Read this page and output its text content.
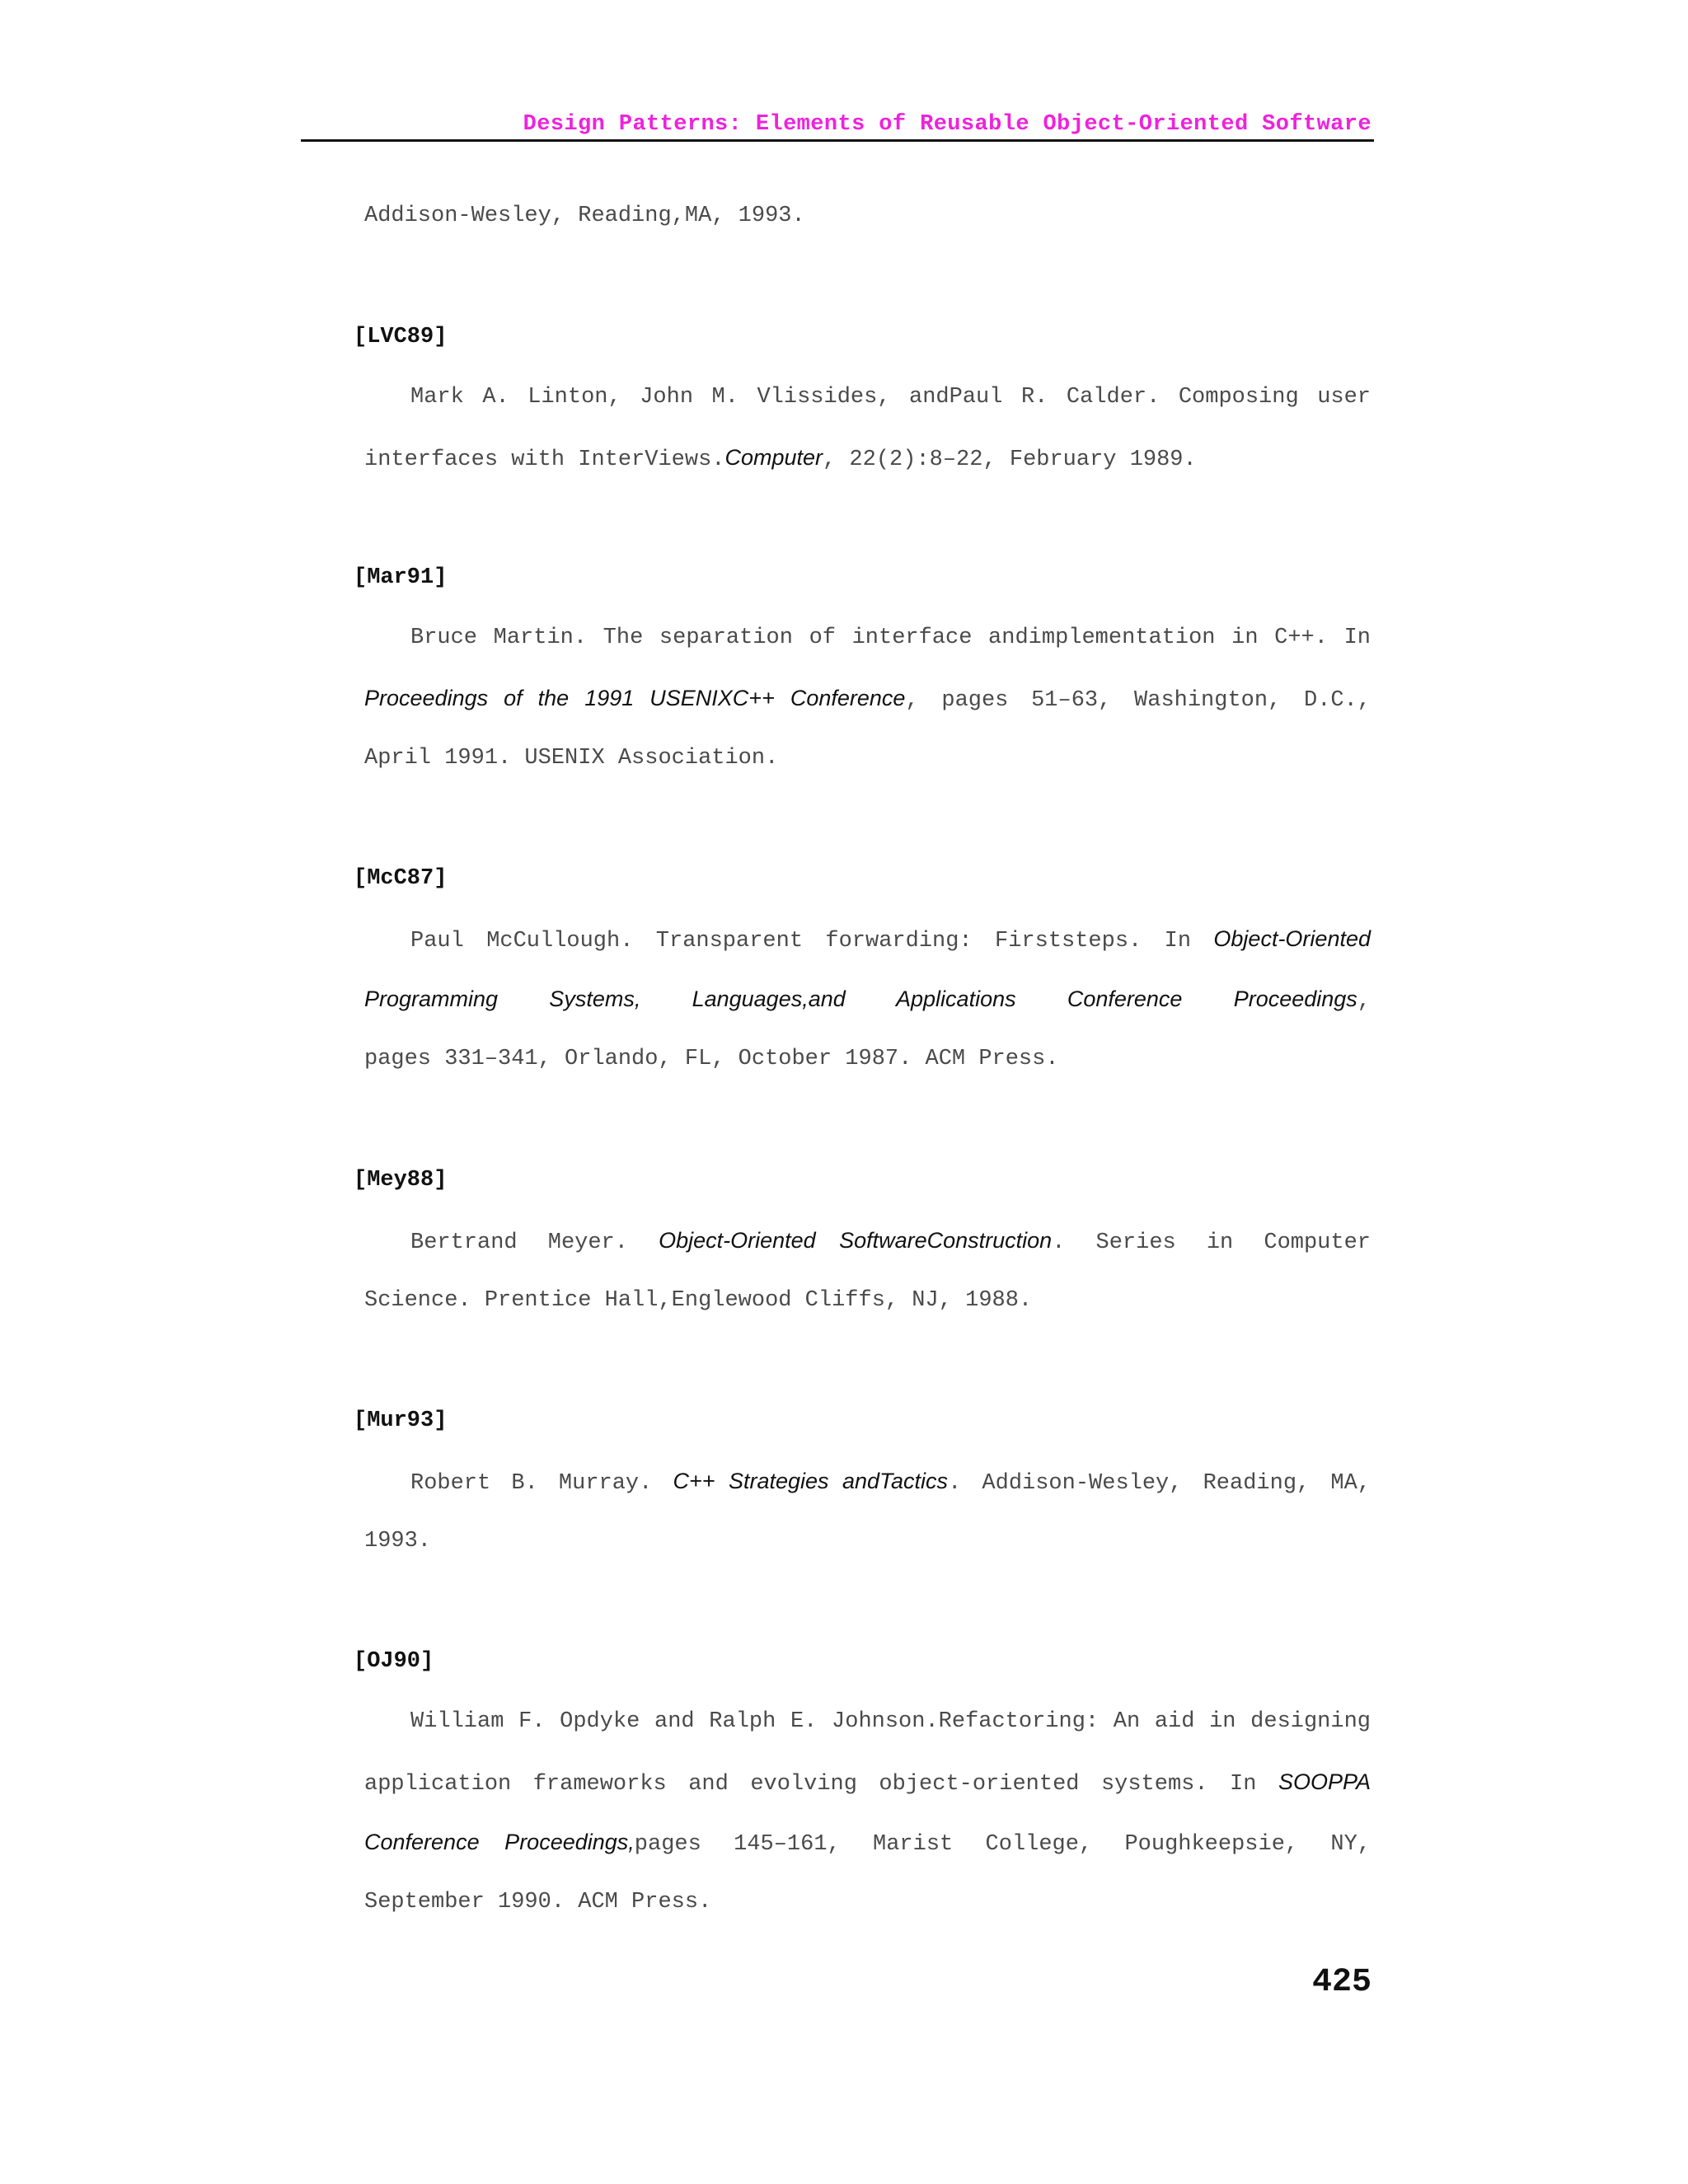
Design Patterns: Elements of Reusable Object-Oriented Software
Addison-Wesley, Reading,MA, 1993.
[LVC89]
Mark A. Linton, John M. Vlissides, andPaul R. Calder. Composing user
interfaces with InterViews.Computer, 22(2):8–22, February 1989.
[Mar91]
Bruce Martin. The separation of interface andimplementation in C++. In
Proceedings of the 1991 USENIXC++ Conference, pages 51–63, Washington, D.C.,
April 1991. USENIX Association.
[McC87]
Paul McCullough. Transparent forwarding: Firststeps. In Object-Oriented
Programming Systems, Languages,and Applications Conference Proceedings,
pages 331–341, Orlando, FL, October 1987. ACM Press.
[Mey88]
Bertrand Meyer. Object-Oriented SoftwareConstruction. Series in Computer
Science. Prentice Hall,Englewood Cliffs, NJ, 1988.
[Mur93]
Robert B. Murray. C++ Strategies andTactics. Addison-Wesley, Reading, MA,
1993.
[OJ90]
William F. Opdyke and Ralph E. Johnson.Refactoring: An aid in designing
application frameworks and evolving object-oriented systems. In SOOPPA
Conference Proceedings,pages 145–161, Marist College, Poughkeepsie, NY,
September 1990. ACM Press.
425
